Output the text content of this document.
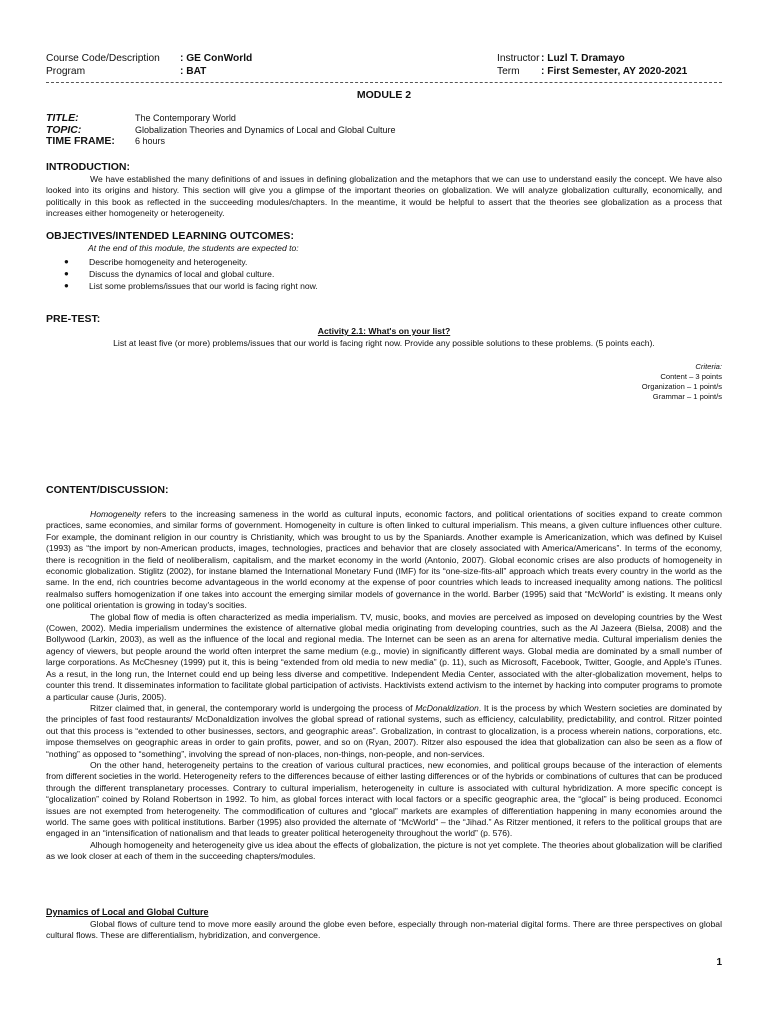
Course Code/Description	: GE ConWorld
Program	: BAT
Instructor : Luzl T. Dramayo
Term	: First Semester, AY 2020-2021
MODULE 2
TITLE:	The Contemporary World
TOPIC:	Globalization Theories and Dynamics of Local and Global Culture
TIME FRAME:	6 hours
INTRODUCTION:

We have established the many definitions of and issues in defining globalization and the metaphors that we can use to understand easily the concept. We have also looked into its origins and history. This section will give you a glimpse of the important theories on globalization. We will analyze globalization culturally, economically, and politically in this book as reflected in the succeeding modules/chapters. In the meantime, it would be helpful to assert that the theories see globalization as a process that increases either homogeneity or heterogeneity.

OBJECTIVES/INTENDED LEARNING OUTCOMES:
At the end of this module, the students are expected to:
●	Describe homogeneity and heterogeneity.
●	Discuss the dynamics of local and global culture.
●	List some problems/issues that our world is facing right now.
PRE-TEST:
Activity 2.1: What's on your list?
List at least five (or more) problems/issues that our world is facing right now. Provide any possible solutions to these problems. (5 points each).
Criteria:
Content – 3 points
Organization – 1 point/s
Grammar – 1 point/s
CONTENT/DISCUSSION:

Homogeneity refers to the increasing sameness in the world as cultural inputs, economic factors, and political orientations of socities expand to create common practices, same economies, and similar forms of government. Homogeneity in culture is often linked to cultural imperialism. This means, a given culture influences other culture. For example, the dominant religion in our country is Christianity, which was brought to us by the Spaniards. Another example is Americanization, which was defined by Kuisel (1993) as “the import by non-American products, images, technologies, practices and behavior that are closely associated with America/Americans”. In terms of the economy, there is recognition in the field of neoliberalism, capitalism, and the market economy in the world (Antonio, 2007). Global economic crises are also products of homogeneity in economic globalization. Stiglitz (2002), for instane blamed the International Monetary Fund (IMF) for its “one-size-fits-all” approach which treats every country in the world as the same. In the end, rich countries become advantageous in the world economy at the expense of poor countries which leads to increased inequality among nations. The politicsl realmalso suffers homogenization if one takes into account the emerging similar models of governance in the world. Barber (1995) said that “McWorld” is existing. It means only one political orientation is growing in today's socities.

The global flow of media is often characterized as media imperialism. TV, music, books, and movies are perceived as imposed on developing countries by the West (Cowen, 2002). Media imperialism undermines the existence of alternative global media originating from developing countries, such as the Al Jazeera (Bielsa, 2008) and the Bollywood (Larkin, 2003), as well as the influence of the local and regional media. The Internet can be seen as an arena for alternative media. Cultural imperialism denies the agency of viewers, but people around the world often interpret the same medium (e.g., movie) in significantly different ways. Global media are dominated by a small number of large corporations. As McChesney (1999) put it, this is being “extended from old media to new media” (p. 11), such as Microsoft, Facebook, Twitter, Google, and Apple's iTunes. As a resut, in the long run, the Internet could end up being less diverse and competitive. Independent Media Center, associated with the alter-globalization movement, helps to counter this trend. It disseminates information to facilitate global participation of activists. Hacktivists extend activism to the internet by hacking into computer programs to promote a particular cause (Juris, 2005).

Ritzer claimed that, in general, the contemporary world is undergoing the process of McDonaldization. It is the process by which Western societies are dominated by the principles of fast food restaurants/ McDonaldization involves the global spread of rational systems, such as efficiency, calculability, predictability, and control. Ritzer pointed out that this process is “extended to other businesses, sectors, and geographic areas”. Grobalization, in contrast to glocalization, is a process wherein nations, corporations, etc. impose themselves on geographic areas in order to gain profits, power, and so on (Ryan, 2007). Ritzer also espoused the idea that globalization can also be seen as a flow of “nothing” as opposed to “something”, involving the spread of non-places, non-things, non-people, and non-services.

On the other hand, heterogeneity pertains to the creation of various cultural practices, new economies, and political groups because of the interaction of elements from different societies in the world. Heterogeneity refers to the differences because of either lasting differences or of the hybrids or combinations of cultures that can be produced through the different transplanetary processes. Contrary to cultural imperialism, heterogeneity in culture is associated with cultural hybridization. A more specific concept is “glocalization” coined by Roland Robertson in 1992. To him, as global forces interact with local factors or a specific geographic area, the “glocal” is being produced. Economci issues are not exempted from heterogeneity. The commodification of cultures and “glocal” markets are examples of differentiation happening in many economies around the world. The same goes with political institutions. Barber (1995) also provided the alternate of “McWorld” – the “Jihad.” As Ritzer mentioned, it refers to the political groups that are engaged in an “intensification of nationalism and that leads to greater political heterogeneity throughout the world” (p. 576).

Alhough homogeneity and heterogeneity give us idea about the effects of globalization, the picture is not yet complete. The theories about globalization will be clarified as we look closer at each of them in the succeeding chapters/modules.

Dynamics of Local and Global Culture

Global flows of culture tend to move more easily around the globe even before, especially through non-material digital forms. There are three perspectives on global cultural flows. These are differentialism, hybridization, and convergence.

1
